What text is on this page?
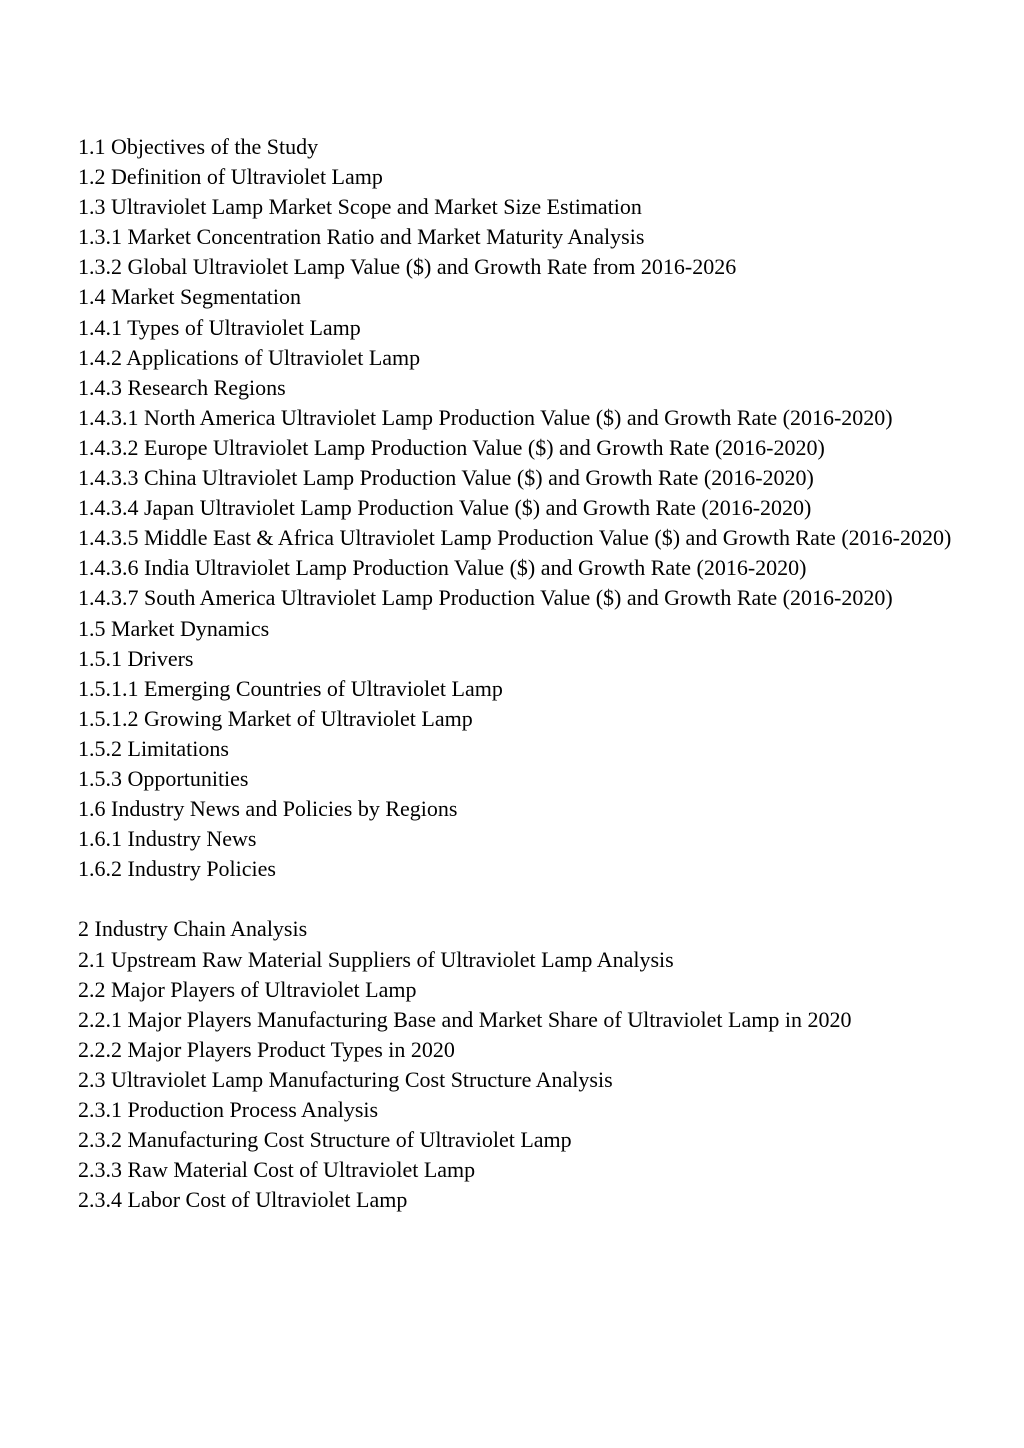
1.1 Objectives of the Study
1.2 Definition of Ultraviolet Lamp
1.3 Ultraviolet Lamp Market Scope and Market Size Estimation
1.3.1 Market Concentration Ratio and Market Maturity Analysis
1.3.2 Global Ultraviolet Lamp Value ($) and Growth Rate from 2016-2026
1.4 Market Segmentation
1.4.1 Types of Ultraviolet Lamp
1.4.2 Applications of Ultraviolet Lamp
1.4.3 Research Regions
1.4.3.1 North America Ultraviolet Lamp Production Value ($) and Growth Rate (2016-2020)
1.4.3.2 Europe Ultraviolet Lamp Production Value ($) and Growth Rate (2016-2020)
1.4.3.3 China Ultraviolet Lamp Production Value ($) and Growth Rate (2016-2020)
1.4.3.4 Japan Ultraviolet Lamp Production Value ($) and Growth Rate (2016-2020)
1.4.3.5 Middle East & Africa Ultraviolet Lamp Production Value ($) and Growth Rate (2016-2020)
1.4.3.6 India Ultraviolet Lamp Production Value ($) and Growth Rate (2016-2020)
1.4.3.7 South America Ultraviolet Lamp Production Value ($) and Growth Rate (2016-2020)
1.5 Market Dynamics
1.5.1 Drivers
1.5.1.1 Emerging Countries of Ultraviolet Lamp
1.5.1.2 Growing Market of Ultraviolet Lamp
1.5.2 Limitations
1.5.3 Opportunities
1.6 Industry News and Policies by Regions
1.6.1 Industry News
1.6.2 Industry Policies
2 Industry Chain Analysis
2.1 Upstream Raw Material Suppliers of Ultraviolet Lamp Analysis
2.2 Major Players of Ultraviolet Lamp
2.2.1 Major Players Manufacturing Base and Market Share of Ultraviolet Lamp in 2020
2.2.2 Major Players Product Types in 2020
2.3 Ultraviolet Lamp Manufacturing Cost Structure Analysis
2.3.1 Production Process Analysis
2.3.2 Manufacturing Cost Structure of Ultraviolet Lamp
2.3.3 Raw Material Cost of Ultraviolet Lamp
2.3.4 Labor Cost of Ultraviolet Lamp
